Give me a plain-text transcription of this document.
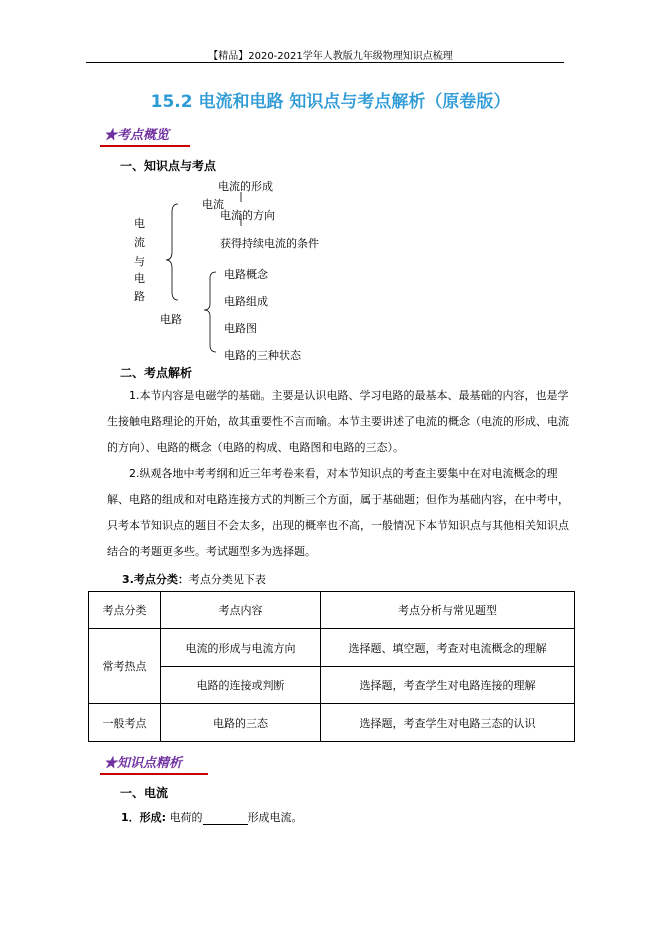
【精品】2020-2021学年人教版九年级物理知识点梳理
15.2 电流和电路 知识点与考点解析（原卷版）
★考点概览
一、知识点与考点
电
流
与
电
路
电流
电流的形成
电流的方向
获得持续电流的条件
电路
电路概念
电路组成
电路图
电路的三种状态
二、考点解析

1.本节内容是电磁学的基础。主要是认识电路、学习电路的最基本、最基础的内容，也是学生接触电路理论的开始，故其重要性不言而喻。本节主要讲述了电流的概念（电流的形成、电流的方向）、电路的概念（电路的构成、电路图和电路的三态）。

2.纵观各地中考考纲和近三年考卷来看，对本节知识点的考查主要集中在对电流概念的理解、电路的组成和对电路连接方式的判断三个方面，属于基础题；但作为基础内容，在中考中，只考本节知识点的题目不会太多，出现的概率也不高，一般情况下本节知识点与其他相关知识点结合的考题更多些。考试题型多为选择题。

3.考点分类：考点分类见下表
考点分类	考点内容	考点分析与常见题型
常考热点	电流的形成与电流方向	选择题、填空题，考查对电流概念的理解
	电路的连接或判断	选择题，考查学生对电路连接的理解
一般考点	电路的三态	选择题，考查学生对电路三态的认识
★知识点精析
一、电流
1．形成: 电荷的	形成电流。
